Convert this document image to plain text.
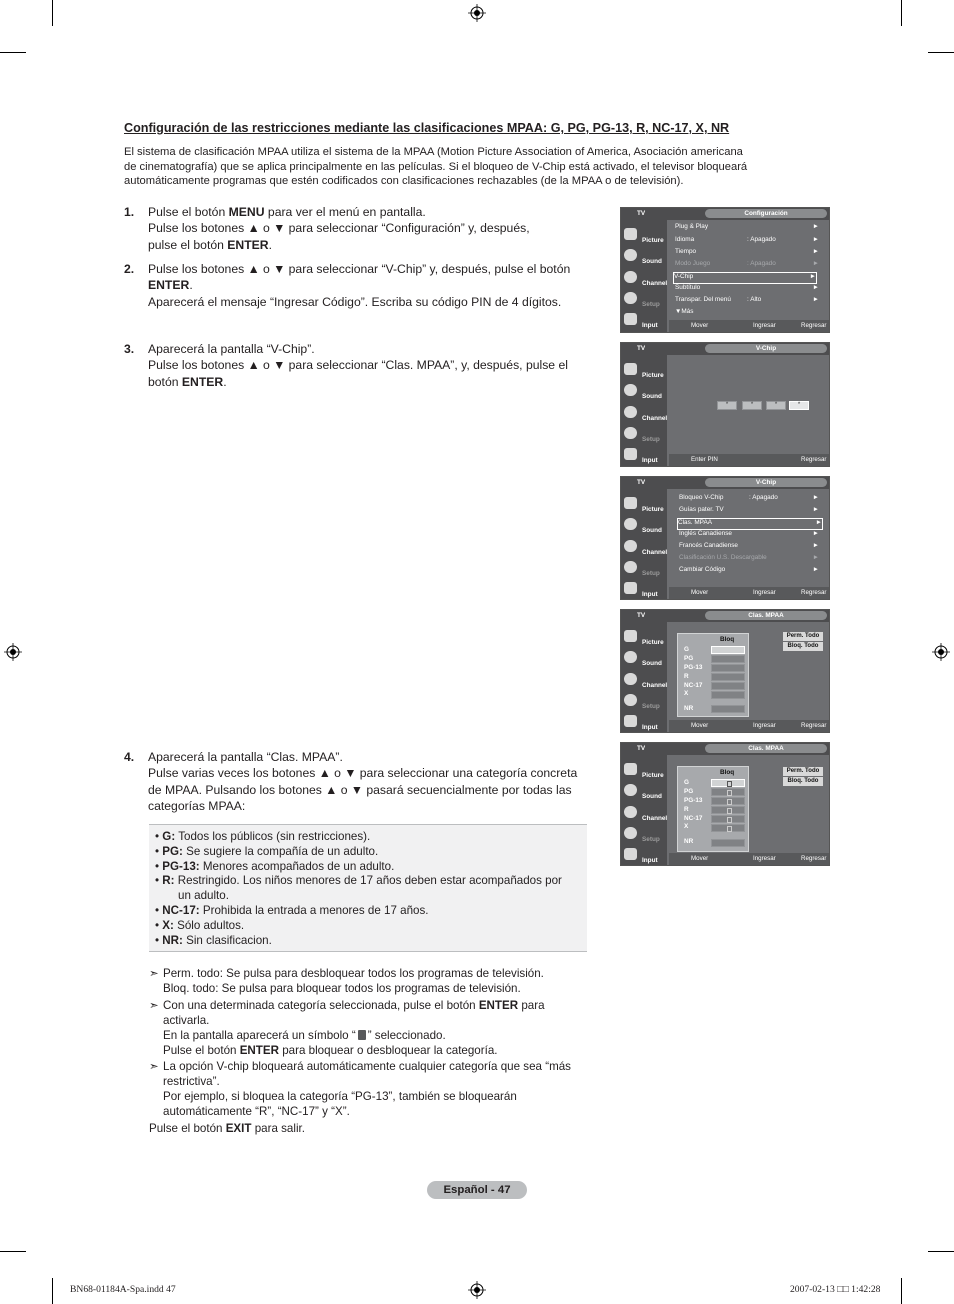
Configuración de las restricciones mediante las clasificaciones MPAA: G, PG, PG-13, R, NC-17, X, NR
El sistema de clasificación MPAA utiliza el sistema de la MPAA (Motion Picture Association of America, Asociación americana
de cinematografía) que se aplica principalmente en las películas. Si el bloqueo de V-Chip está activado, el televisor bloqueará
automáticamente programas que estén codificados con clasificaciones rechazables (de la MPAA o de televisión).
1. Pulse el botón MENU para ver el menú en pantalla.
Pulse los botones ▲ o ▼ para seleccionar “Configuración” y, después,
pulse el botón ENTER.
2. Pulse los botones ▲ o ▼ para seleccionar “V-Chip” y, después, pulse el botón
ENTER.
Aparecerá el mensaje “Ingresar Código”. Escriba su código PIN de 4 dígitos.
3. Aparecerá la pantalla “V-Chip”.
Pulse los botones ▲ o ▼ para seleccionar “Clas. MPAA”, y, después, pulse el
botón ENTER.
4. Aparecerá la pantalla “Clas. MPAA”.
Pulse varias veces los botones ▲ o ▼ para seleccionar una categoría concreta
de MPAA. Pulsando los botones ▲ o ▼ pasará secuencialmente por todas las
categorías MPAA:
• G: Todos los públicos (sin restricciones).
• PG: Se sugiere la compañía de un adulto.
• PG-13: Menores acompañados de un adulto.
• R: Restringido. Los niños menores de 17 años deben estar acompañados por
un adulto.
• NC-17: Prohibida la entrada a menores de 17 años.
• X: Sólo adultos.
• NR: Sin clasificacion.
➣ Perm. todo: Se pulsa para desbloquear todos los programas de televisión.
Bloq. todo: Se pulsa para bloquear todos los programas de televisión.
➣ Con una determinada categoría seleccionada, pulse el botón ENTER para
activarla.
En la pantalla aparecerá un símbolo “ ” seleccionado.
Pulse el botón ENTER para bloquear o desbloquear la categoría.
➣ La opción V-chip bloqueará automáticamente cualquier categoría que sea “más
restrictiva”.
Por ejemplo, si bloquea la categoría “PG-13”, también se bloquearán
automáticamente “R”, “NC-17” y “X”.
Pulse el botón EXIT para salir.
Español - 47
BN68-01184A-Spa.indd 47	2007-02-13 □□ 1:42:28
TV	Configuración
Picture
Sound
Channel
Setup
Input
Plug & Play	►
Idioma	: Apagado	►
Tiempo	►
Modo Juego	: Apagado	►
V-Chip	►
Subtítulo	►
Transpar. Del menú	: Alto	►
▼Más
Mover	Ingresar	Regresar
TV	V-Chip
Picture
Sound
Channel
Setup
Input
*	*	*	*
Enter PIN	Regresar
TV	V-Chip
Picture
Sound
Channel
Setup
Input
Bloqueo V-Chip	: Apagado	►
Guías pater. TV	►
Clas. MPAA	►
Inglés Canadiense	►
Francés Canadiense	►
Clasificación U.S. Descargable	►
Cambiar Código	►
Mover	Ingresar	Regresar
TV	Clas. MPAA
Picture
Sound
Channel
Setup
Input
Bloq
G
PG
PG-13
R
NC-17
X
NR
Perm. Todo
Bloq. Todo
Mover	Ingresar	Regresar
TV	Clas. MPAA
Picture
Sound
Channel
Setup
Input
Bloq
G
PG
PG-13
R
NC-17
X
NR
Perm. Todo
Bloq. Todo
Mover	Ingresar	Regresar
